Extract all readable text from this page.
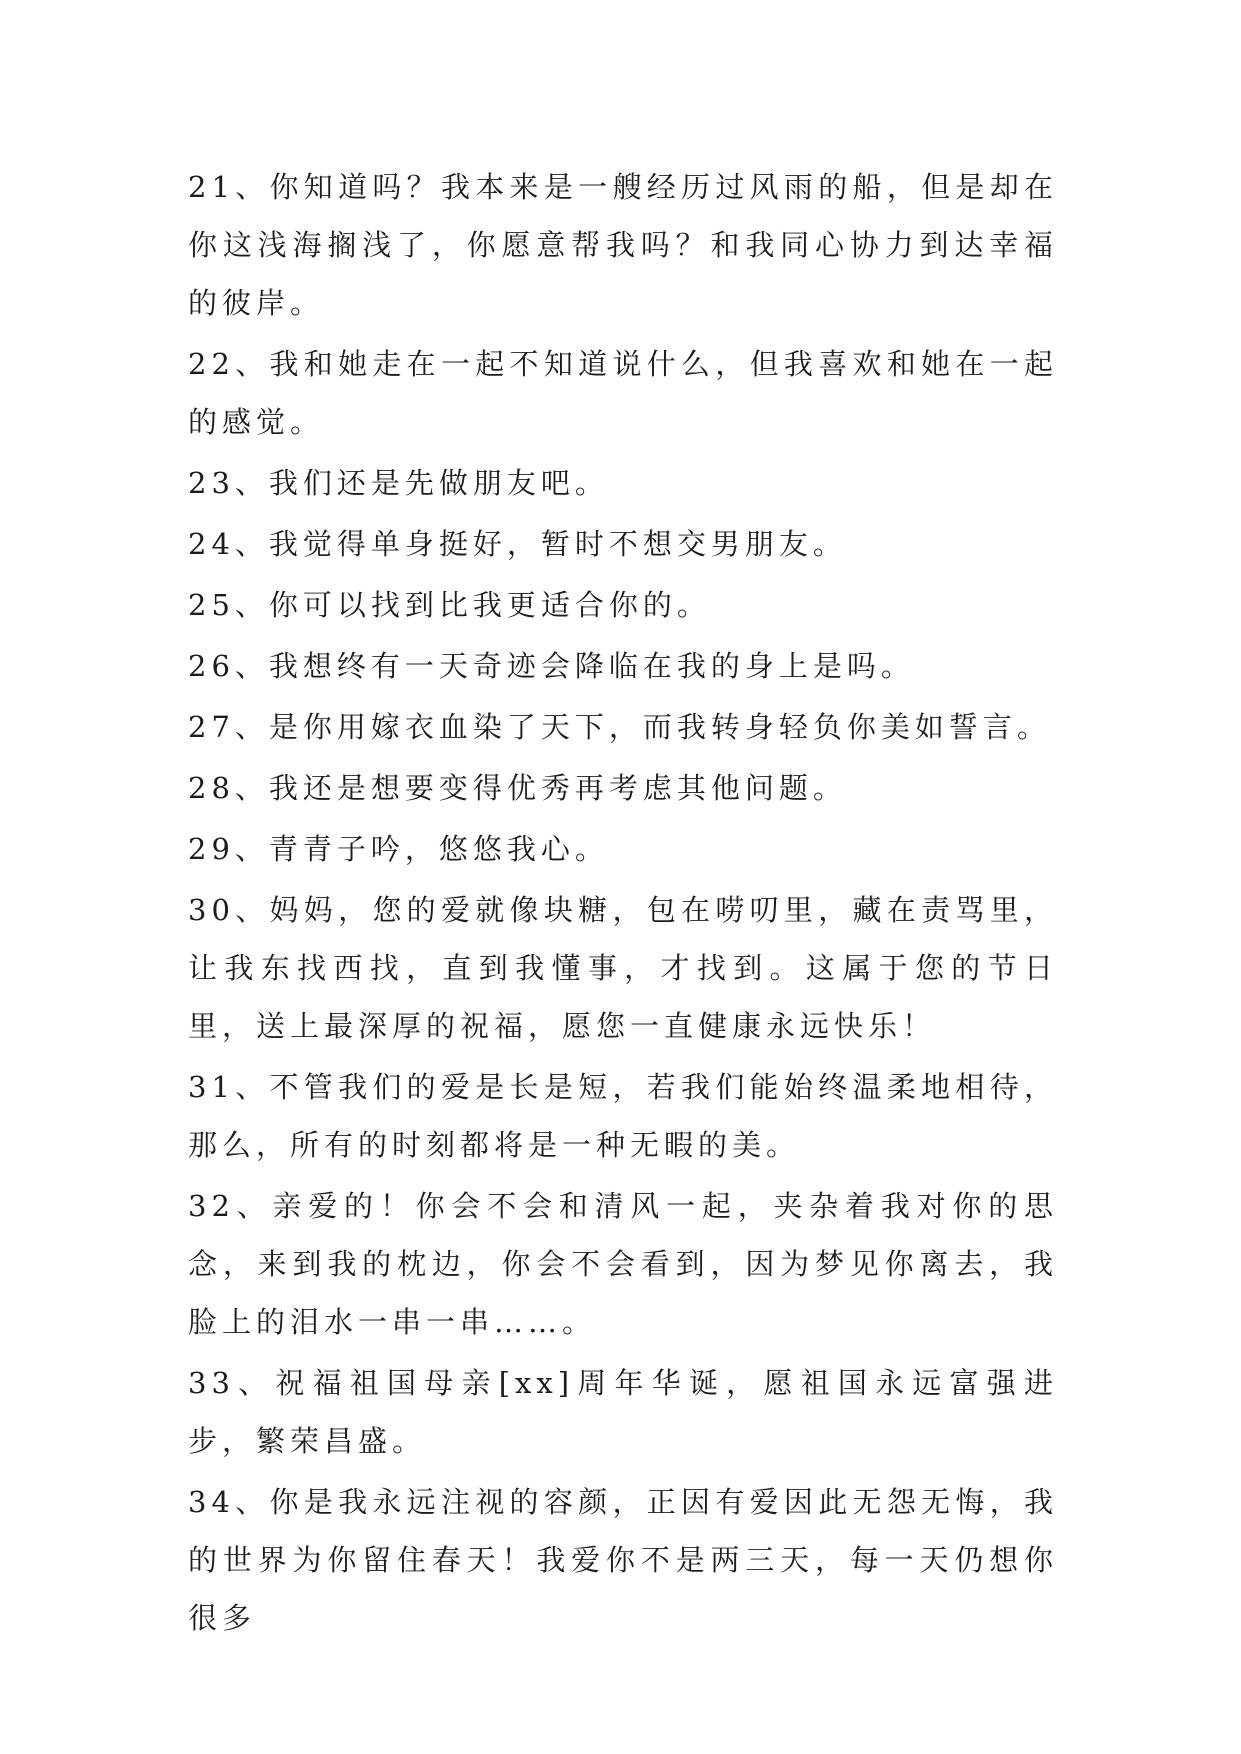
21、你知道吗？我本来是一艘经历过风雨的船，但是却在你这浅海搁浅了，你愿意帮我吗？和我同心协力到达幸福的彼岸。

22、我和她走在一起不知道说什么，但我喜欢和她在一起的感觉。

23、我们还是先做朋友吧。

24、我觉得单身挺好，暂时不想交男朋友。

25、你可以找到比我更适合你的。

26、我想终有一天奇迹会降临在我的身上是吗。

27、是你用嫁衣血染了天下，而我转身轻负你美如誓言。

28、我还是想要变得优秀再考虑其他问题。

29、青青子吟，悠悠我心。

30、妈妈，您的爱就像块糖，包在唠叨里，藏在责骂里，让我东找西找，直到我懂事，才找到。这属于您的节日里，送上最深厚的祝福，愿您一直健康永远快乐！

31、不管我们的爱是长是短，若我们能始终温柔地相待，那么，所有的时刻都将是一种无暇的美。

32、亲爱的！你会不会和清风一起，夹杂着我对你的思念，来到我的枕边，你会不会看到，因为梦见你离去，我脸上的泪水一串一串……。

33、祝福祖国母亲[xx]周年华诞，愿祖国永远富强进步，繁荣昌盛。

34、你是我永远注视的容颜，正因有爱因此无怨无悔，我的世界为你留住春天！我爱你不是两三天，每一天仍想你很多
